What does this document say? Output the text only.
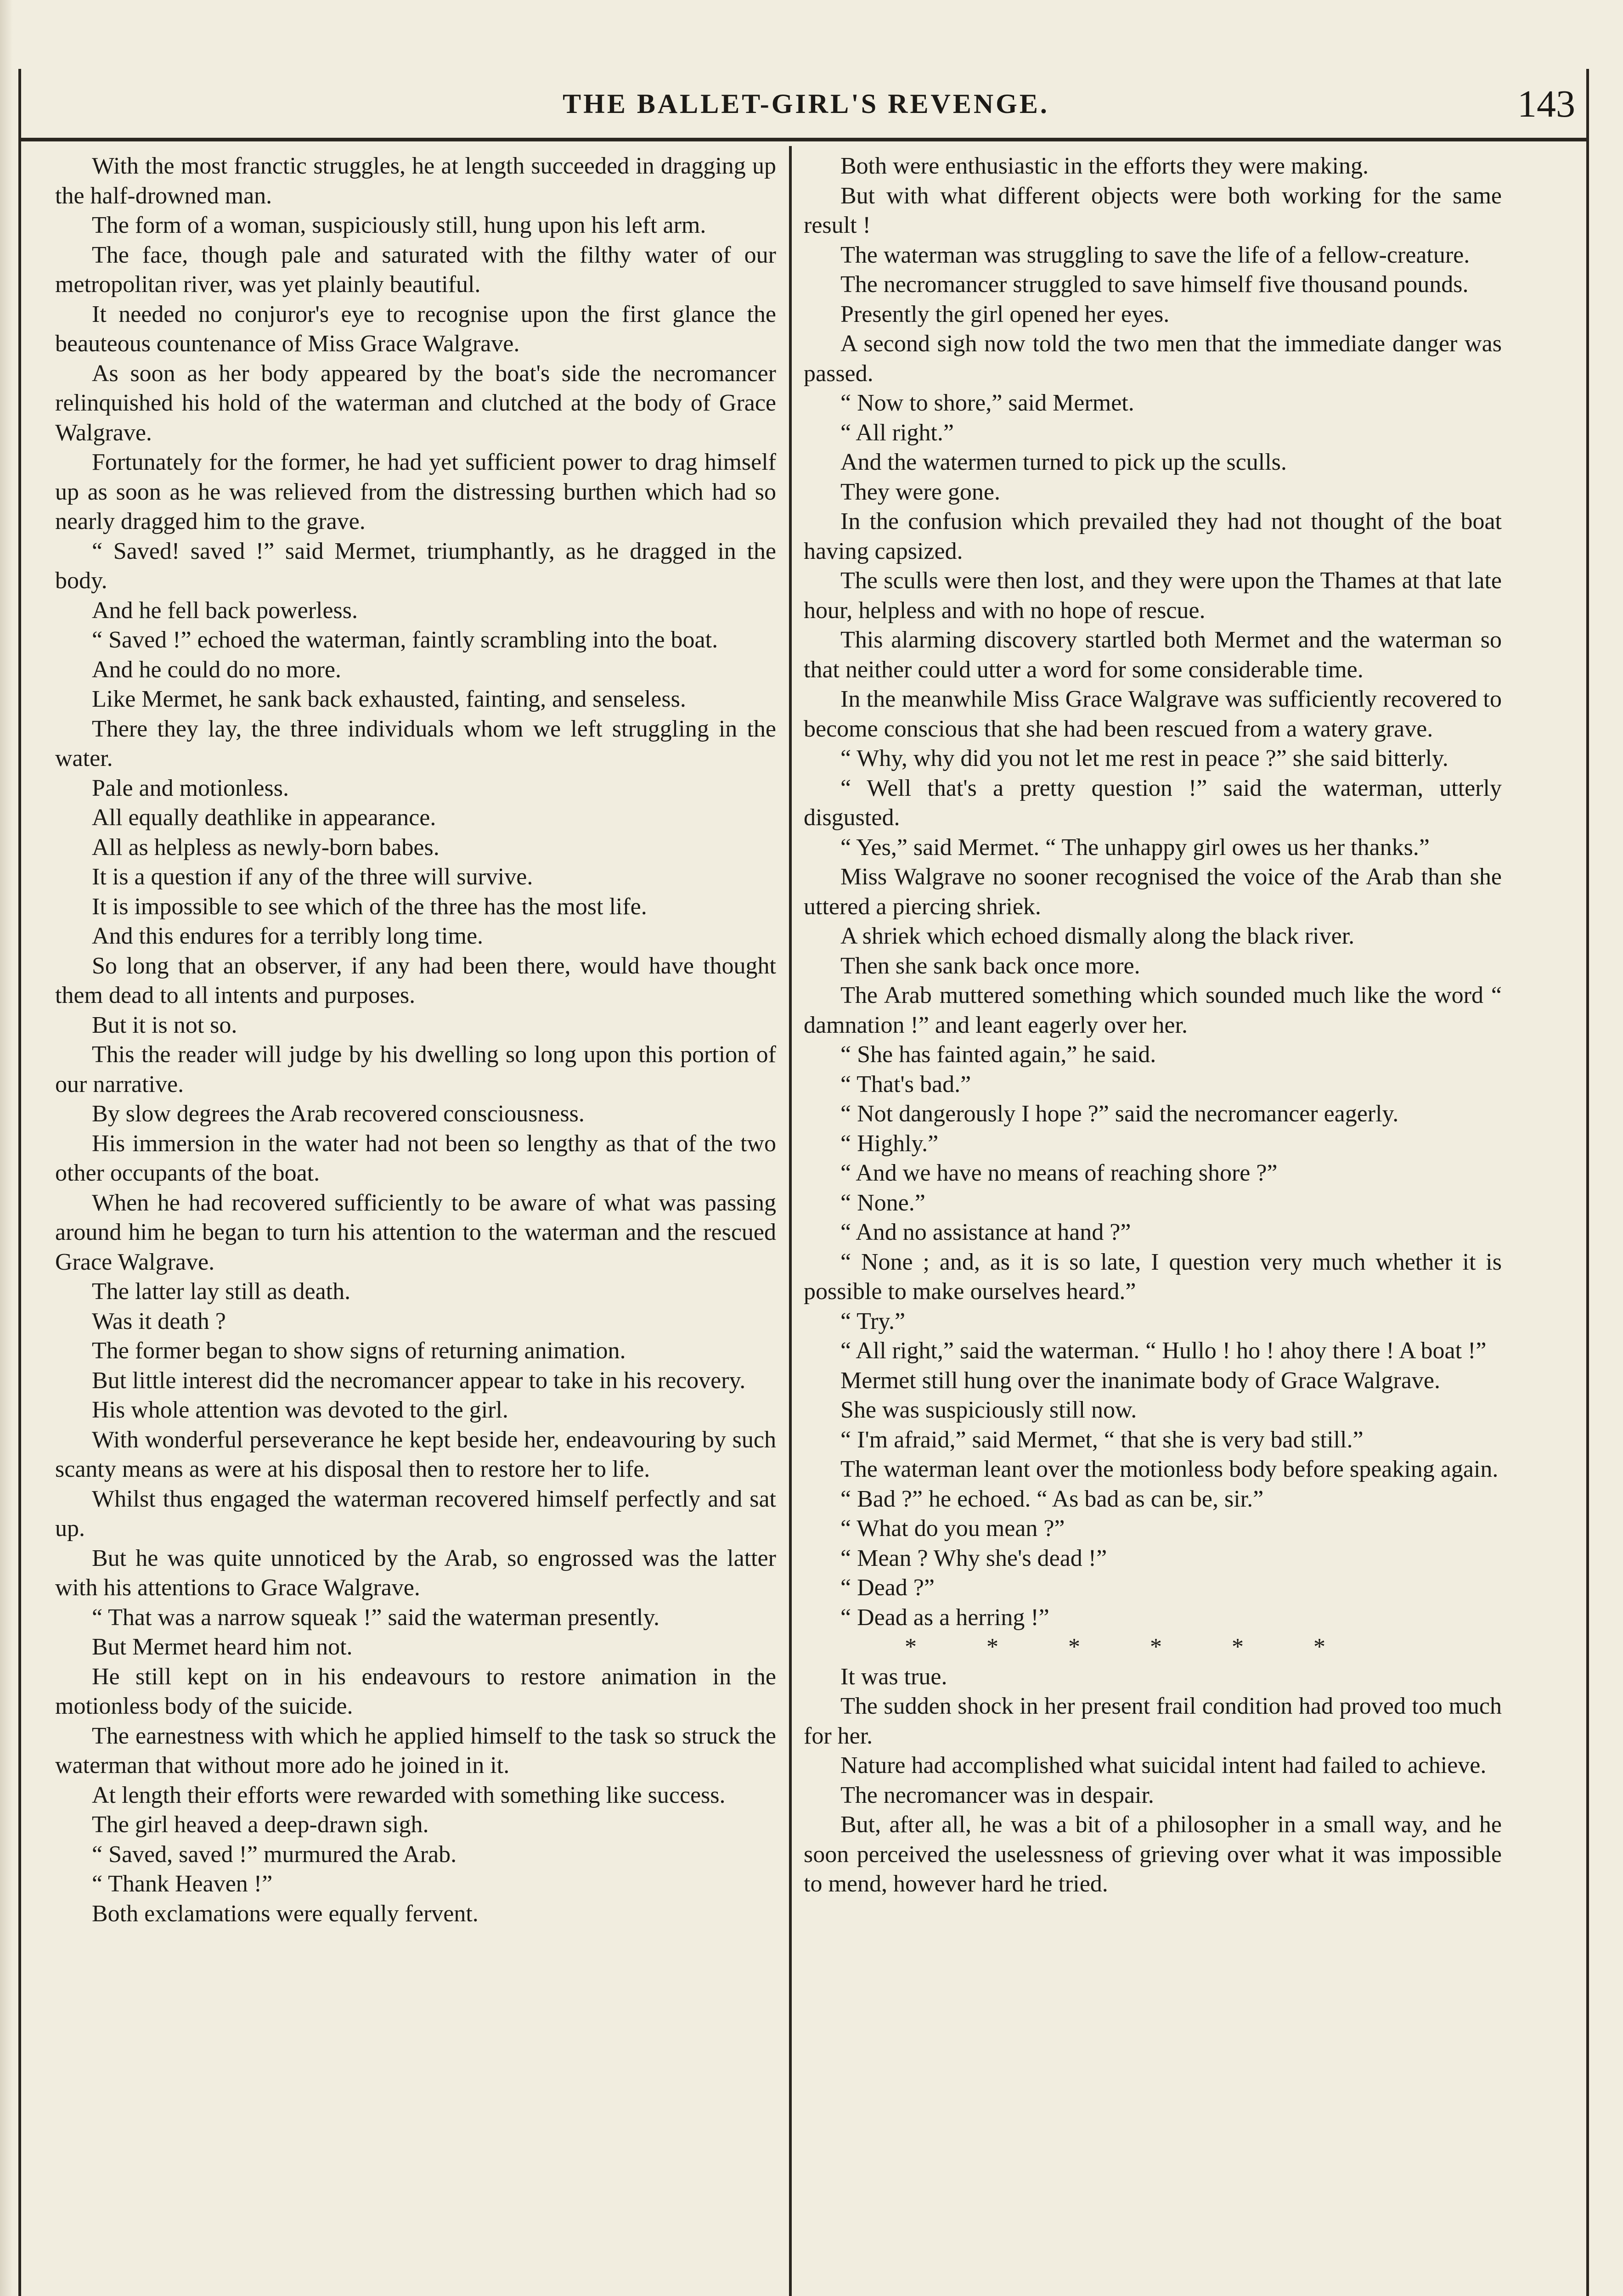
THE BALLET-GIRL'S REVENGE.	143

With the most franctic struggles, he at length succeeded in dragging up the half-drowned man.

The form of a woman, suspiciously still, hung upon his left arm.

The face, though pale and saturated with the filthy water of our metropolitan river, was yet plainly beautiful.

It needed no conjuror's eye to recognise upon the first glance the beauteous countenance of Miss Grace Walgrave.

As soon as her body appeared by the boat's side the necromancer relinquished his hold of the waterman and clutched at the body of Grace Walgrave.

Fortunately for the former, he had yet sufficient power to drag himself up as soon as he was relieved from the distressing burthen which had so nearly dragged him to the grave.

“ Saved! saved !” said Mermet, triumphantly, as he dragged in the body.

And he fell back powerless.

“ Saved !” echoed the waterman, faintly scrambling into the boat.

And he could do no more.

Like Mermet, he sank back exhausted, fainting, and senseless.

There they lay, the three individuals whom we left struggling in the water.

Pale and motionless.

All equally deathlike in appearance.

All as helpless as newly-born babes.

It is a question if any of the three will survive.

It is impossible to see which of the three has the most life.

And this endures for a terribly long time.

So long that an observer, if any had been there, would have thought them dead to all intents and purposes.

But it is not so.

This the reader will judge by his dwelling so long upon this portion of our narrative.

By slow degrees the Arab recovered consciousness.

His immersion in the water had not been so lengthy as that of the two other occupants of the boat.

When he had recovered sufficiently to be aware of what was passing around him he began to turn his attention to the waterman and the rescued Grace Walgrave.

The latter lay still as death.

Was it death ?

The former began to show signs of returning animation.

But little interest did the necromancer appear to take in his recovery.

His whole attention was devoted to the girl.

With wonderful perseverance he kept beside her, endeavouring by such scanty means as were at his disposal then to restore her to life.

Whilst thus engaged the waterman recovered himself perfectly and sat up.

But he was quite unnoticed by the Arab, so engrossed was the latter with his attentions to Grace Walgrave.

“ That was a narrow squeak !” said the waterman presently.

But Mermet heard him not.

He still kept on in his endeavours to restore animation in the motionless body of the suicide.

The earnestness with which he applied himself to the task so struck the waterman that without more ado he joined in it.

At length their efforts were rewarded with something like success.

The girl heaved a deep-drawn sigh.

“ Saved, saved !” murmured the Arab.

“ Thank Heaven !”

Both exclamations were equally fervent.

Both were enthusiastic in the efforts they were making.

But with what different objects were both working for the same result !

The waterman was struggling to save the life of a fellow-creature.

The necromancer struggled to save himself five thousand pounds.

Presently the girl opened her eyes.

A second sigh now told the two men that the immediate danger was passed.

“ Now to shore,” said Mermet.

“ All right.”

And the watermen turned to pick up the sculls.

They were gone.

In the confusion which prevailed they had not thought of the boat having capsized.

The sculls were then lost, and they were upon the Thames at that late hour, helpless and with no hope of rescue.

This alarming discovery startled both Mermet and the waterman so that neither could utter a word for some considerable time.

In the meanwhile Miss Grace Walgrave was sufficiently recovered to become conscious that she had been rescued from a watery grave.

“ Why, why did you not let me rest in peace ?” she said bitterly.

“ Well that's a pretty question !” said the waterman, utterly disgusted.

“ Yes,” said Mermet. “ The unhappy girl owes us her thanks.”

Miss Walgrave no sooner recognised the voice of the Arab than she uttered a piercing shriek.

A shriek which echoed dismally along the black river.

Then she sank back once more.

The Arab muttered something which sounded much like the word “ damnation !” and leant eagerly over her.

“ She has fainted again,” he said.

“ That's bad.”

“ Not dangerously I hope ?” said the necromancer eagerly.

“ Highly.”

“ And we have no means of reaching shore ?”

“ None.”

“ And no assistance at hand ?”

“ None ; and, as it is so late, I question very much whether it is possible to make ourselves heard.”

“ Try.”

“ All right,” said the waterman. “ Hullo ! ho ! ahoy there ! A boat !”

Mermet still hung over the inanimate body of Grace Walgrave.

She was suspiciously still now.

“ I'm afraid,” said Mermet, “ that she is very bad still.”

The waterman leant over the motionless body before speaking again.

“ Bad ?” he echoed. “ As bad as can be, sir.”

“ What do you mean ?”

“ Mean ? Why she's dead !”

“ Dead ?”

“ Dead as a herring !”

*          *          *          *          *          *

It was true.

The sudden shock in her present frail condition had proved too much for her.

Nature had accomplished what suicidal intent had failed to achieve.

The necromancer was in despair.

But, after all, he was a bit of a philosopher in a small way, and he soon perceived the uselessness of grieving over what it was impossible to mend, however hard he tried.
